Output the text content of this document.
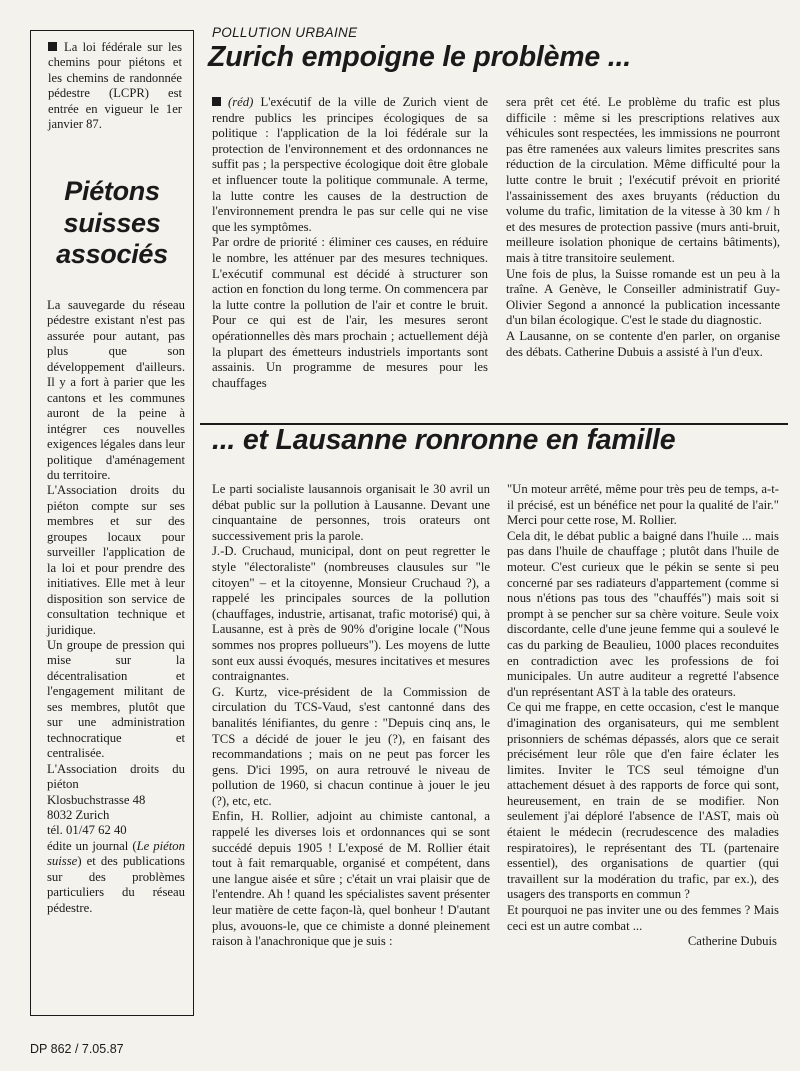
La loi fédérale sur les chemins pour piétons et les chemins de randonnée pédestre (LCPR) est entrée en vigueur le 1er janvier 87.
Piétons
suisses
associés

La sauvegarde du réseau pédestre existant n'est pas assurée pour autant, pas plus que son développement d'ailleurs. Il y a fort à parier que les cantons et les communes auront de la peine à intégrer ces nouvelles exigences légales dans leur politique d'aménagement du territoire.

L'Association droits du piéton compte sur ses membres et sur des groupes locaux pour surveiller l'application de la loi et pour prendre des initiatives. Elle met à leur disposition son service de consultation technique et juridique.

Un groupe de pression qui mise sur la décentralisation et l'engagement militant de ses membres, plutôt que sur une administration technocratique et centralisée.

L'Association droits du piéton
Klosbuchstrasse 48
8032 Zurich
tél. 01/47 62 40
édite un journal (Le piéton suisse) et des publications sur des problèmes particuliers du réseau pédestre.

DP 862 / 7.05.87
POLLUTION URBAINE
Zurich empoigne le problème ...

(réd) L'exécutif de la ville de Zurich vient de rendre publics les principes écologiques de sa politique : l'application de la loi fédérale sur la protection de l'environnement et des ordonnances ne suffit pas ; la perspective écologique doit être globale et influencer toute la politique communale. A terme, la lutte contre les causes de la destruction de l'environnement prendra le pas sur celle qui ne vise que les symptômes.

Par ordre de priorité : éliminer ces causes, en réduire le nombre, les atténuer par des mesures techniques. L'exécutif communal est décidé à structurer son action en fonction du long terme. On commencera par la lutte contre la pollution de l'air et contre le bruit. Pour ce qui est de l'air, les mesures seront opérationnelles dès mars prochain ; actuellement déjà la plupart des émetteurs industriels importants sont assainis. Un programme de mesures pour les chauffages

sera prêt cet été. Le problème du trafic est plus difficile : même si les prescriptions relatives aux véhicules sont respectées, les immissions ne pourront pas être ramenées aux valeurs limites prescrites sans réduction de la circulation. Même difficulté pour la lutte contre le bruit ; l'exécutif prévoit en priorité l'assainissement des axes bruyants (réduction du volume du trafic, limitation de la vitesse à 30 km / h et des mesures de protection passive (murs anti-bruit, meilleure isolation phonique de certains bâtiments), mais à titre transitoire seulement.

Une fois de plus, la Suisse romande est un peu à la traîne. A Genève, le Conseiller administratif Guy-Olivier Segond a annoncé la publication incessante d'un bilan écologique. C'est le stade du diagnostic.

A Lausanne, on se contente d'en parler, on organise des débats. Catherine Dubuis a assisté à l'un d'eux.

... et Lausanne ronronne en famille

Le parti socialiste lausannois organisait le 30 avril un débat public sur la pollution à Lausanne. Devant une cinquantaine de personnes, trois orateurs ont successivement pris la parole.

J.-D. Cruchaud, municipal, dont on peut regretter le style "électoraliste" (nombreuses clausules sur "le citoyen" – et la citoyenne, Monsieur Cruchaud ?), a rappelé les principales sources de la pollution (chauffages, industrie, artisanat, trafic motorisé) qui, à Lausanne, est à près de 90% d'origine locale ("Nous sommes nos propres pollueurs"). Les moyens de lutte sont eux aussi évoqués, mesures incitatives et mesures contraignantes.

G. Kurtz, vice-président de la Commission de circulation du TCS-Vaud, s'est cantonné dans des banalités lénifiantes, du genre : "Depuis cinq ans, le TCS a décidé de jouer le jeu (?), en faisant des recommandations ; mais on ne peut pas forcer les gens. D'ici 1995, on aura retrouvé le niveau de pollution de 1960, si chacun continue à jouer le jeu (?), etc, etc.

Enfin, H. Rollier, adjoint au chimiste cantonal, a rappelé les diverses lois et ordonnances qui se sont succédé depuis 1905 ! L'exposé de M. Rollier était tout à fait remarquable, organisé et compétent, dans une langue aisée et sûre ; c'était un vrai plaisir que de l'entendre. Ah ! quand les spécialistes savent présenter leur matière de cette façon-là, quel bonheur ! D'autant plus, avouons-le, que ce chimiste a donné pleinement raison à l'anachronique que je suis :

"Un moteur arrêté, même pour très peu de temps, a-t-il précisé, est un bénéfice net pour la qualité de l'air." Merci pour cette rose, M. Rollier.

Cela dit, le débat public a baigné dans l'huile ... mais pas dans l'huile de chauffage ; plutôt dans l'huile de moteur. C'est curieux que le pékin se sente si peu concerné par ses radiateurs d'appartement (comme si nous n'étions pas tous des "chauffés") mais soit si prompt à se pencher sur sa chère voiture. Seule voix discordante, celle d'une jeune femme qui a soulevé le cas du parking de Beaulieu, 1000 places reconduites en contradiction avec les professions de foi municipales. Un autre auditeur a regretté l'absence d'un représentant AST à la table des orateurs.

Ce qui me frappe, en cette occasion, c'est le manque d'imagination des organisateurs, qui me semblent prisonniers de schémas dépassés, alors que ce serait précisément leur rôle que d'en faire éclater les limites. Inviter le TCS seul témoigne d'un attachement désuet à des rapports de force qui sont, heureusement, en train de se modifier. Non seulement j'ai déploré l'absence de l'AST, mais où étaient le médecin (recrudescence des maladies respiratoires), le représentant des TL (partenaire essentiel), des organisations de quartier (qui travaillent sur la modération du trafic, par ex.), des usagers des transports en commun ?

Et pourquoi ne pas inviter une ou des femmes ? Mais ceci est un autre combat ...

Catherine Dubuis
